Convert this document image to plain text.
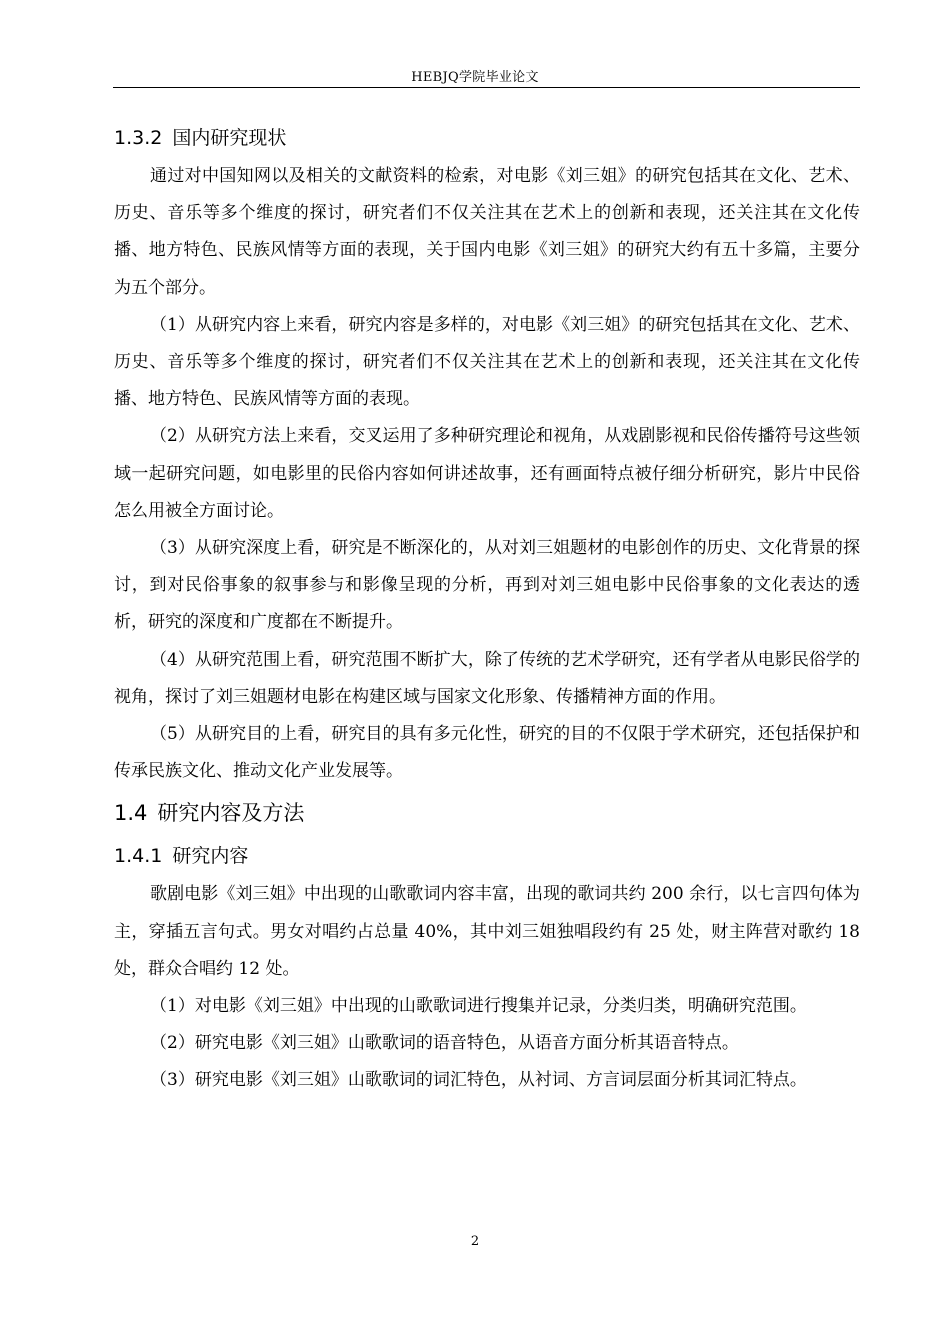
HEBJQ学院毕业论文
1.3.2 国内研究现状

通过对中国知网以及相关的文献资料的检索，对电影《刘三姐》的研究包括其在文化、艺术、历史、音乐等多个维度的探讨，研究者们不仅关注其在艺术上的创新和表现，还关注其在文化传播、地方特色、民族风情等方面的表现，关于国内电影《刘三姐》的研究大约有五十多篇，主要分为五个部分。

（1）从研究内容上来看，研究内容是多样的，对电影《刘三姐》的研究包括其在文化、艺术、历史、音乐等多个维度的探讨，研究者们不仅关注其在艺术上的创新和表现，还关注其在文化传播、地方特色、民族风情等方面的表现。

（2）从研究方法上来看，交叉运用了多种研究理论和视角，从戏剧影视和民俗传播符号这些领域一起研究问题，如电影里的民俗内容如何讲述故事，还有画面特点被仔细分析研究，影片中民俗怎么用被全方面讨论。

（3）从研究深度上看，研究是不断深化的，从对刘三姐题材的电影创作的历史、文化背景的探讨，到对民俗事象的叙事参与和影像呈现的分析，再到对刘三姐电影中民俗事象的文化表达的透析，研究的深度和广度都在不断提升。

（4）从研究范围上看，研究范围不断扩大，除了传统的艺术学研究，还有学者从电影民俗学的视角，探讨了刘三姐题材电影在构建区域与国家文化形象、传播精神方面的作用。

（5）从研究目的上看，研究目的具有多元化性，研究的目的不仅限于学术研究，还包括保护和传承民族文化、推动文化产业发展等。

1.4 研究内容及方法
1.4.1 研究内容

歌剧电影《刘三姐》中出现的山歌歌词内容丰富，出现的歌词共约 200 余行，以七言四句体为主，穿插五言句式。男女对唱约占总量 40%，其中刘三姐独唱段约有 25 处，财主阵营对歌约 18 处，群众合唱约 12 处。

（1）对电影《刘三姐》中出现的山歌歌词进行搜集并记录，分类归类，明确研究范围。

（2）研究电影《刘三姐》山歌歌词的语音特色，从语音方面分析其语音特点。

（3）研究电影《刘三姐》山歌歌词的词汇特色，从衬词、方言词层面分析其词汇特点。

2
